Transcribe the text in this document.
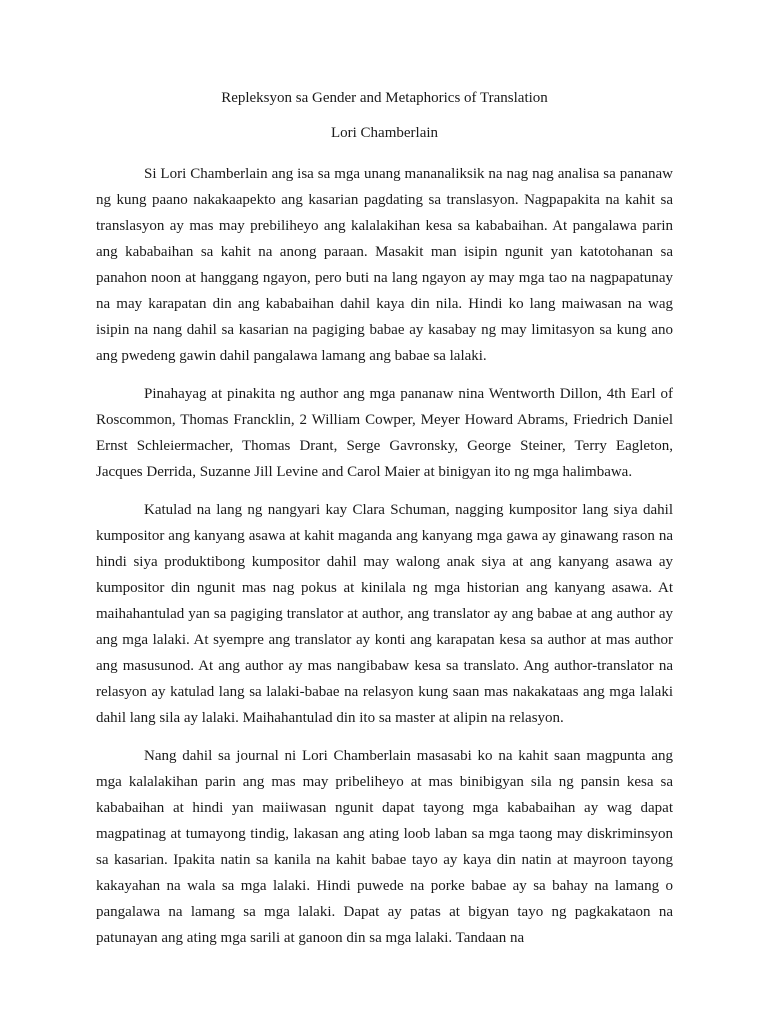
Repleksyon sa Gender and Metaphorics of Translation

Lori Chamberlain

Si Lori Chamberlain ang isa sa mga unang mananaliksik na nag nag analisa sa pananaw ng kung paano nakakaapekto ang kasarian pagdating sa translasyon. Nagpapakita na kahit sa translasyon ay mas may prebiliheyo ang kalalakihan kesa sa kababaihan. At pangalawa parin ang kababaihan sa kahit na anong paraan. Masakit man isipin ngunit yan katotohanan sa panahon noon at hanggang ngayon, pero buti na lang ngayon ay may mga tao na nagpapatunay na may karapatan din ang kababaihan dahil kaya din nila. Hindi ko lang maiwasan na wag isipin na nang dahil sa kasarian na pagiging babae ay kasabay ng may limitasyon sa kung ano ang pwedeng gawin dahil pangalawa lamang ang babae sa lalaki.

Pinahayag at pinakita ng author ang mga pananaw nina Wentworth Dillon, 4th Earl of Roscommon, Thomas Francklin, 2 William Cowper, Meyer Howard Abrams, Friedrich Daniel Ernst Schleiermacher, Thomas Drant, Serge Gavronsky, George Steiner, Terry Eagleton, Jacques Derrida, Suzanne Jill Levine and Carol Maier at binigyan ito ng mga halimbawa.

Katulad na lang ng nangyari kay Clara Schuman, nagging kumpositor lang siya dahil kumpositor ang kanyang asawa at kahit maganda ang kanyang mga gawa ay ginawang rason na hindi siya produktibong kumpositor dahil may walong anak siya at ang kanyang asawa ay kumpositor din ngunit mas nag pokus at kinilala ng mga historian ang kanyang asawa. At maihahantulad yan sa pagiging translator at author, ang translator ay ang babae at ang author ay ang mga lalaki. At syempre ang translator ay konti ang karapatan kesa sa author at mas author ang masusunod. At ang author ay mas nangibabaw kesa sa translato. Ang author-translator na relasyon ay katulad lang sa lalaki-babae na relasyon kung saan mas nakakataas ang mga lalaki dahil lang sila ay lalaki. Maihahantulad din ito sa master at alipin na relasyon.

Nang dahil sa journal ni Lori Chamberlain masasabi ko na kahit saan magpunta ang mga kalalakihan parin ang mas may pribeliheyo at mas binibigyan sila ng pansin kesa sa kababaihan at hindi yan maiiwasan ngunit dapat tayong mga kababaihan ay wag dapat magpatinag at tumayong tindig, lakasan ang ating loob laban sa mga taong may diskriminsyon sa kasarian. Ipakita natin sa kanila na kahit babae tayo ay kaya din natin at mayroon tayong kakayahan na wala sa mga lalaki. Hindi puwede na porke babae ay sa bahay na lamang o pangalawa na lamang sa mga lalaki. Dapat ay patas at bigyan tayo ng pagkakataon na patunayan ang ating mga sarili at ganoon din sa mga lalaki. Tandaan na
